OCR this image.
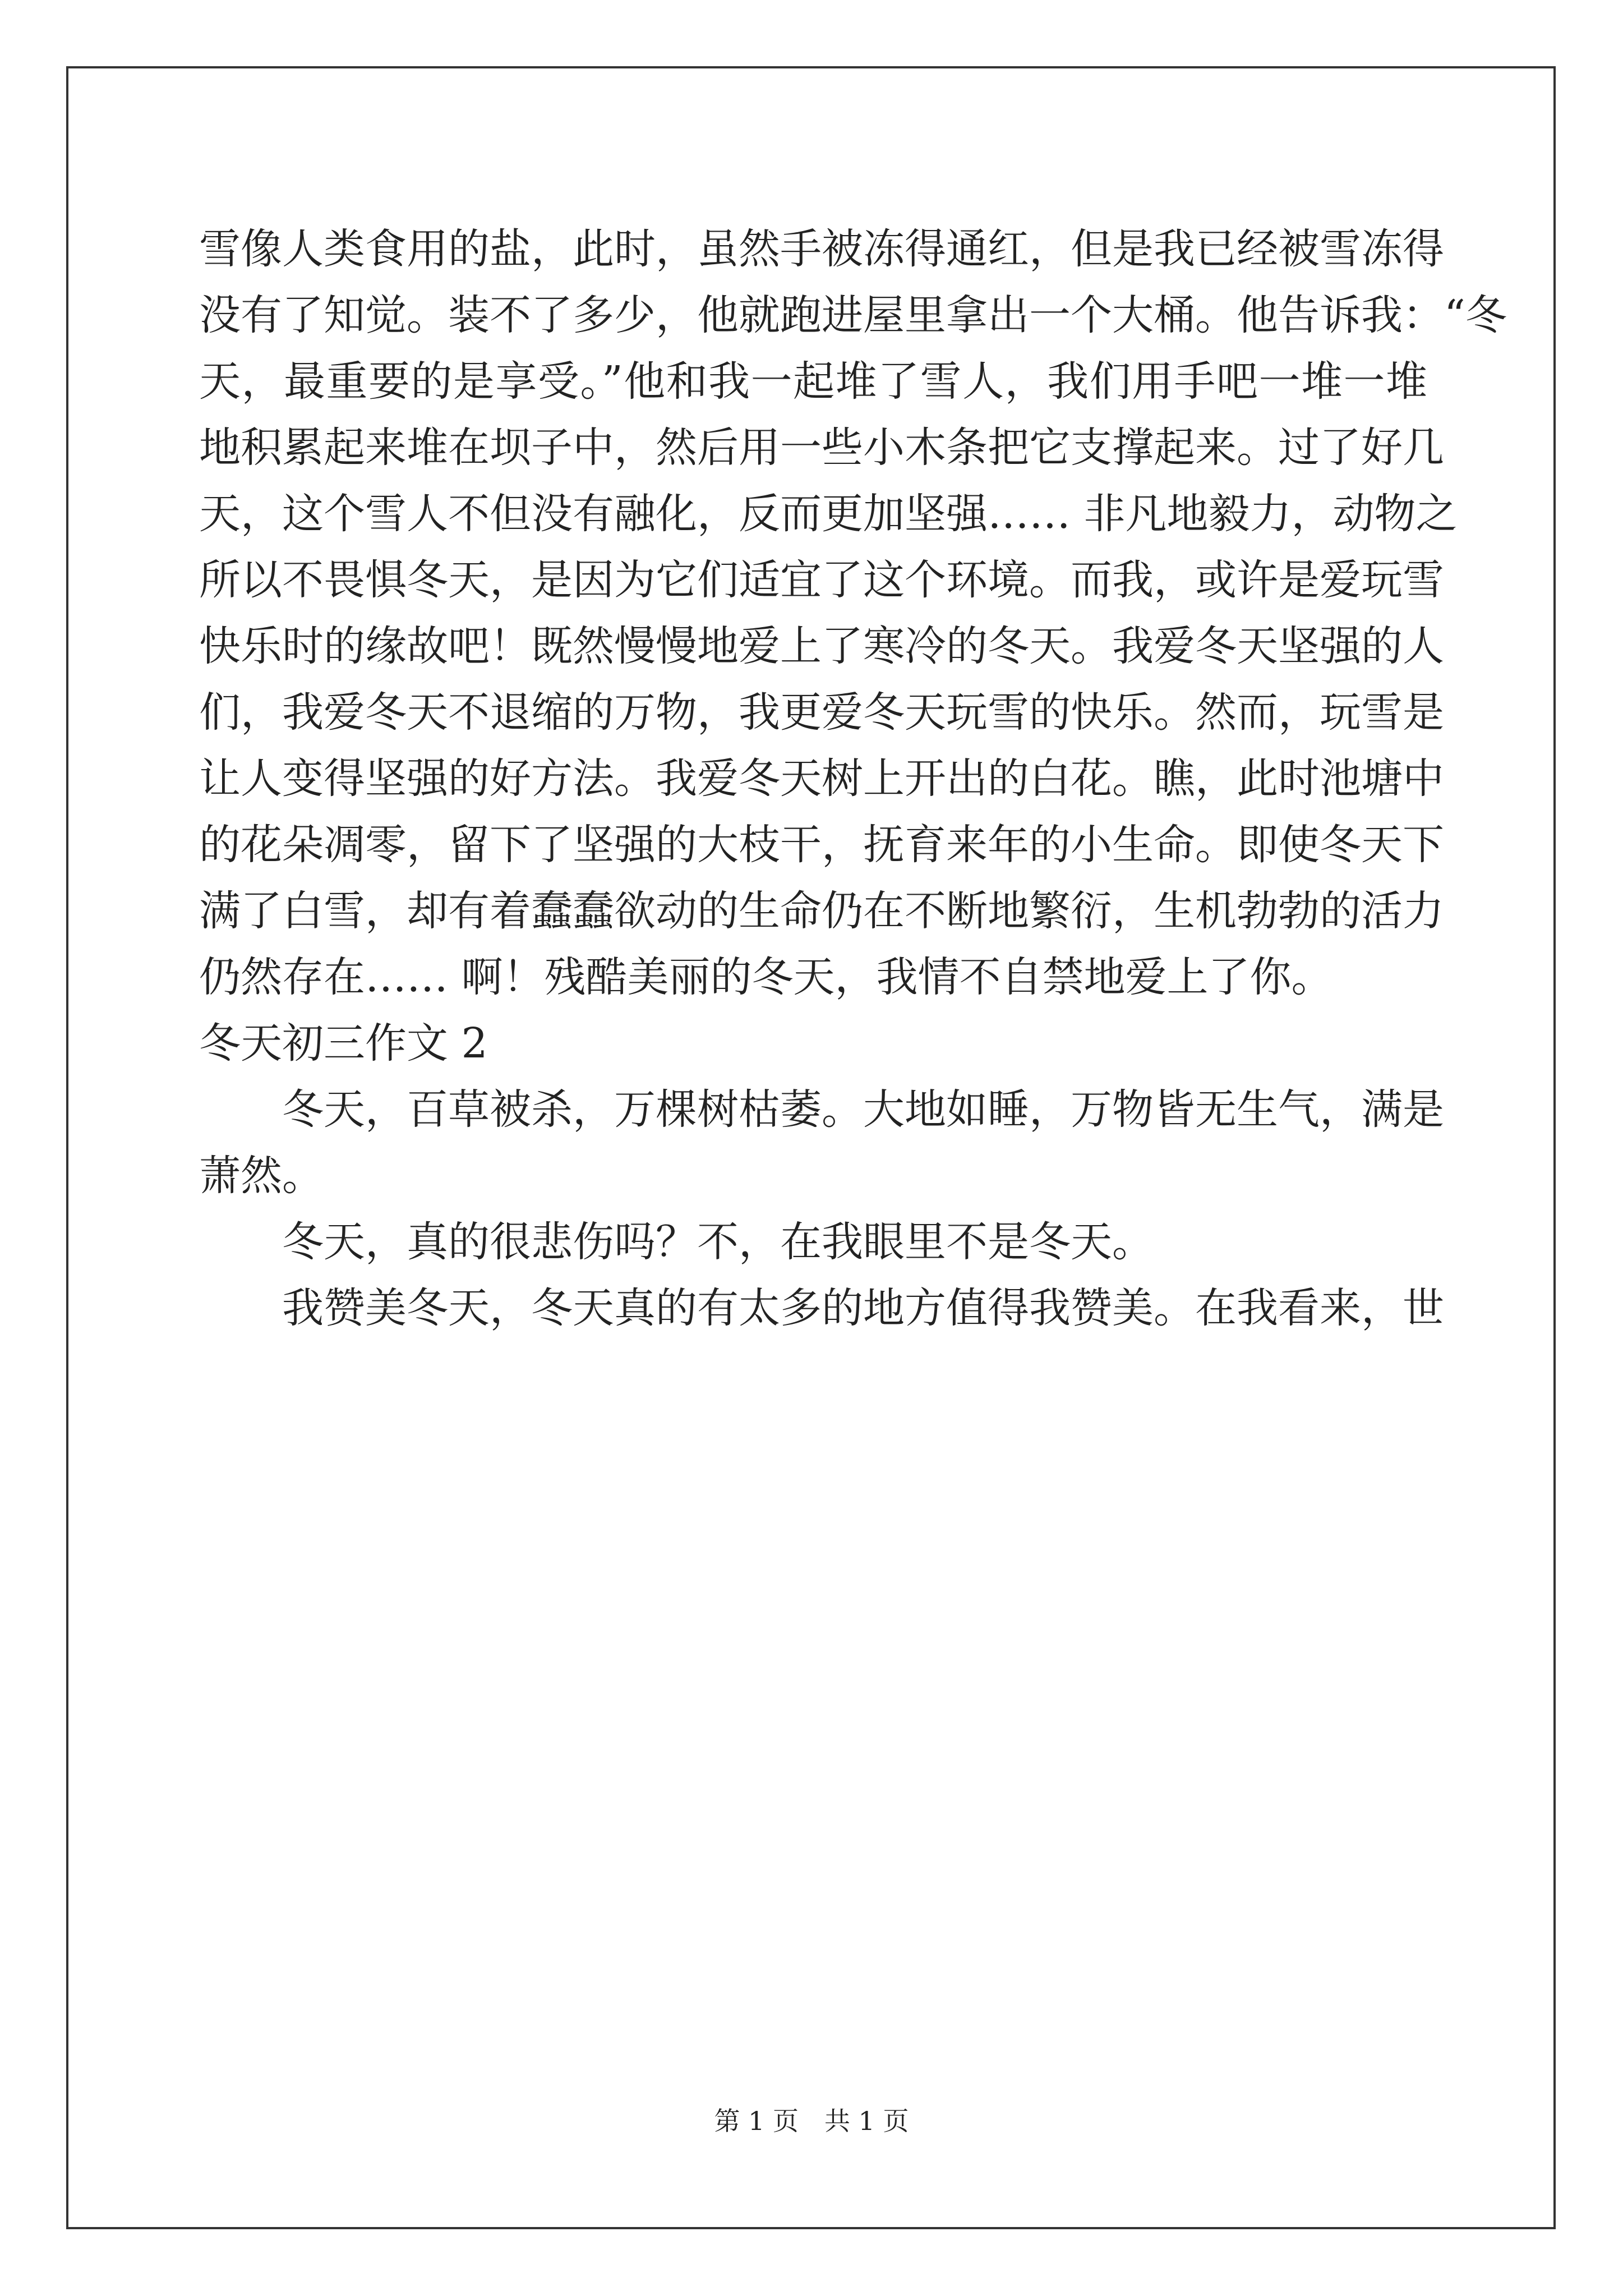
雪像人类食用的盐，此时，虽然手被冻得通红，但是我已经被雪冻得
没有了知觉。装不了多少，他就跑进屋里拿出一个大桶。他告诉我：“冬
天，最重要的是享受。”他和我一起堆了雪人，我们用手吧一堆一堆
地积累起来堆在坝子中，然后用一些小木条把它支撑起来。过了好几
天，这个雪人不但没有融化，反而更加坚强…… 非凡地毅力，动物之
所以不畏惧冬天，是因为它们适宜了这个环境。而我，或许是爱玩雪
快乐时的缘故吧！既然慢慢地爱上了寒冷的冬天。我爱冬天坚强的人
们，我爱冬天不退缩的万物，我更爱冬天玩雪的快乐。然而，玩雪是
让人变得坚强的好方法。我爱冬天树上开出的白花。瞧，此时池塘中
的花朵凋零，留下了坚强的大枝干，抚育来年的小生命。即使冬天下
满了白雪，却有着蠢蠢欲动的生命仍在不断地繁衍，生机勃勃的活力
仍然存在…… 啊！残酷美丽的冬天，我情不自禁地爱上了你。
冬天初三作文 2
冬天，百草被杀，万棵树枯萎。大地如睡，万物皆无生气，满是
萧然。
冬天，真的很悲伤吗？不，在我眼里不是冬天。
我赞美冬天，冬天真的有太多的地方值得我赞美。在我看来，世
第 1 页　共 1 页
